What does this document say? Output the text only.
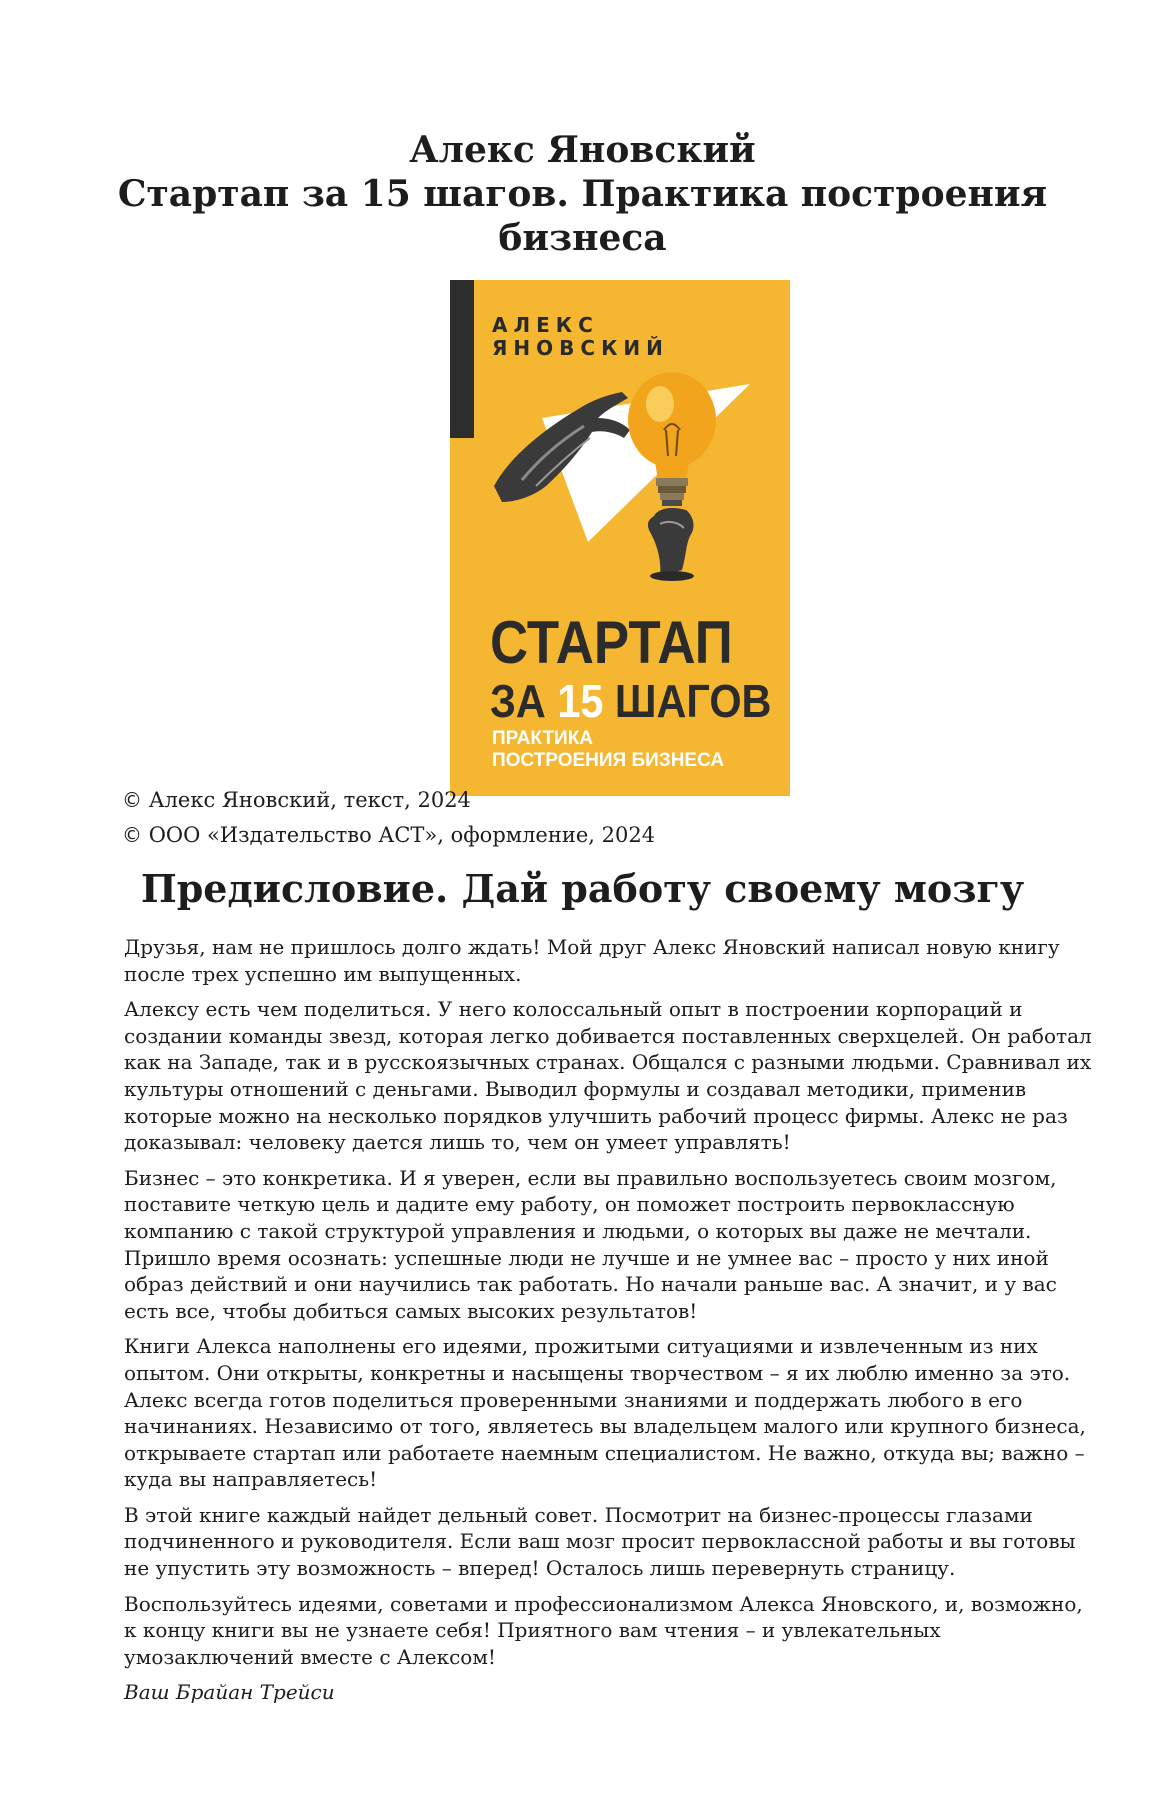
Алекс Яновский
Стартап за 15 шагов. Практика построения
бизнеса
АЛЕКС
ЯНОВСКИЙ
СТАРТАП
ЗА 15 ШАГОВ
ПРАКТИКА
ПОСТРОЕНИЯ БИЗНЕСА
© Алекс Яновский, текст, 2024
© ООО «Издательство АСТ», оформление, 2024
Предисловие. Дай работу своему мозгу

Друзья, нам не пришлось долго ждать! Мой друг Алекс Яновский написал новую книгу после трех успешно им выпущенных.

Алексу есть чем поделиться. У него колоссальный опыт в построении корпораций и создании команды звезд, которая легко добивается поставленных сверхцелей. Он работал как на Западе, так и в русскоязычных странах. Общался с разными людьми. Сравнивал их культуры отношений с деньгами. Выводил формулы и создавал методики, применив которые можно на несколько порядков улучшить рабочий процесс фирмы. Алекс не раз доказывал: человеку дается лишь то, чем он умеет управлять!

Бизнес – это конкретика. И я уверен, если вы правильно воспользуетесь своим мозгом, поставите четкую цель и дадите ему работу, он поможет построить первоклассную компанию с такой структурой управления и людьми, о которых вы даже не мечтали. Пришло время осознать: успешные люди не лучше и не умнее вас – просто у них иной образ действий и они научились так работать. Но начали раньше вас. А значит, и у вас есть все, чтобы добиться самых высоких результатов!

Книги Алекса наполнены его идеями, прожитыми ситуациями и извлеченным из них опытом. Они открыты, конкретны и насыщены творчеством – я их люблю именно за это. Алекс всегда готов поделиться проверенными знаниями и поддержать любого в его начинаниях. Независимо от того, являетесь вы владельцем малого или крупного бизнеса, открываете стартап или работаете наемным специалистом. Не важно, откуда вы; важно – куда вы направляетесь!

В этой книге каждый найдет дельный совет. Посмотрит на бизнес-процессы глазами подчиненного и руководителя. Если ваш мозг просит первоклассной работы и вы готовы не упустить эту возможность – вперед! Осталось лишь перевернуть страницу.

Воспользуйтесь идеями, советами и профессионализмом Алекса Яновского, и, возможно, к концу книги вы не узнаете себя! Приятного вам чтения – и увлекательных умозаключений вместе с Алексом!

Ваш Брайан Трейси
